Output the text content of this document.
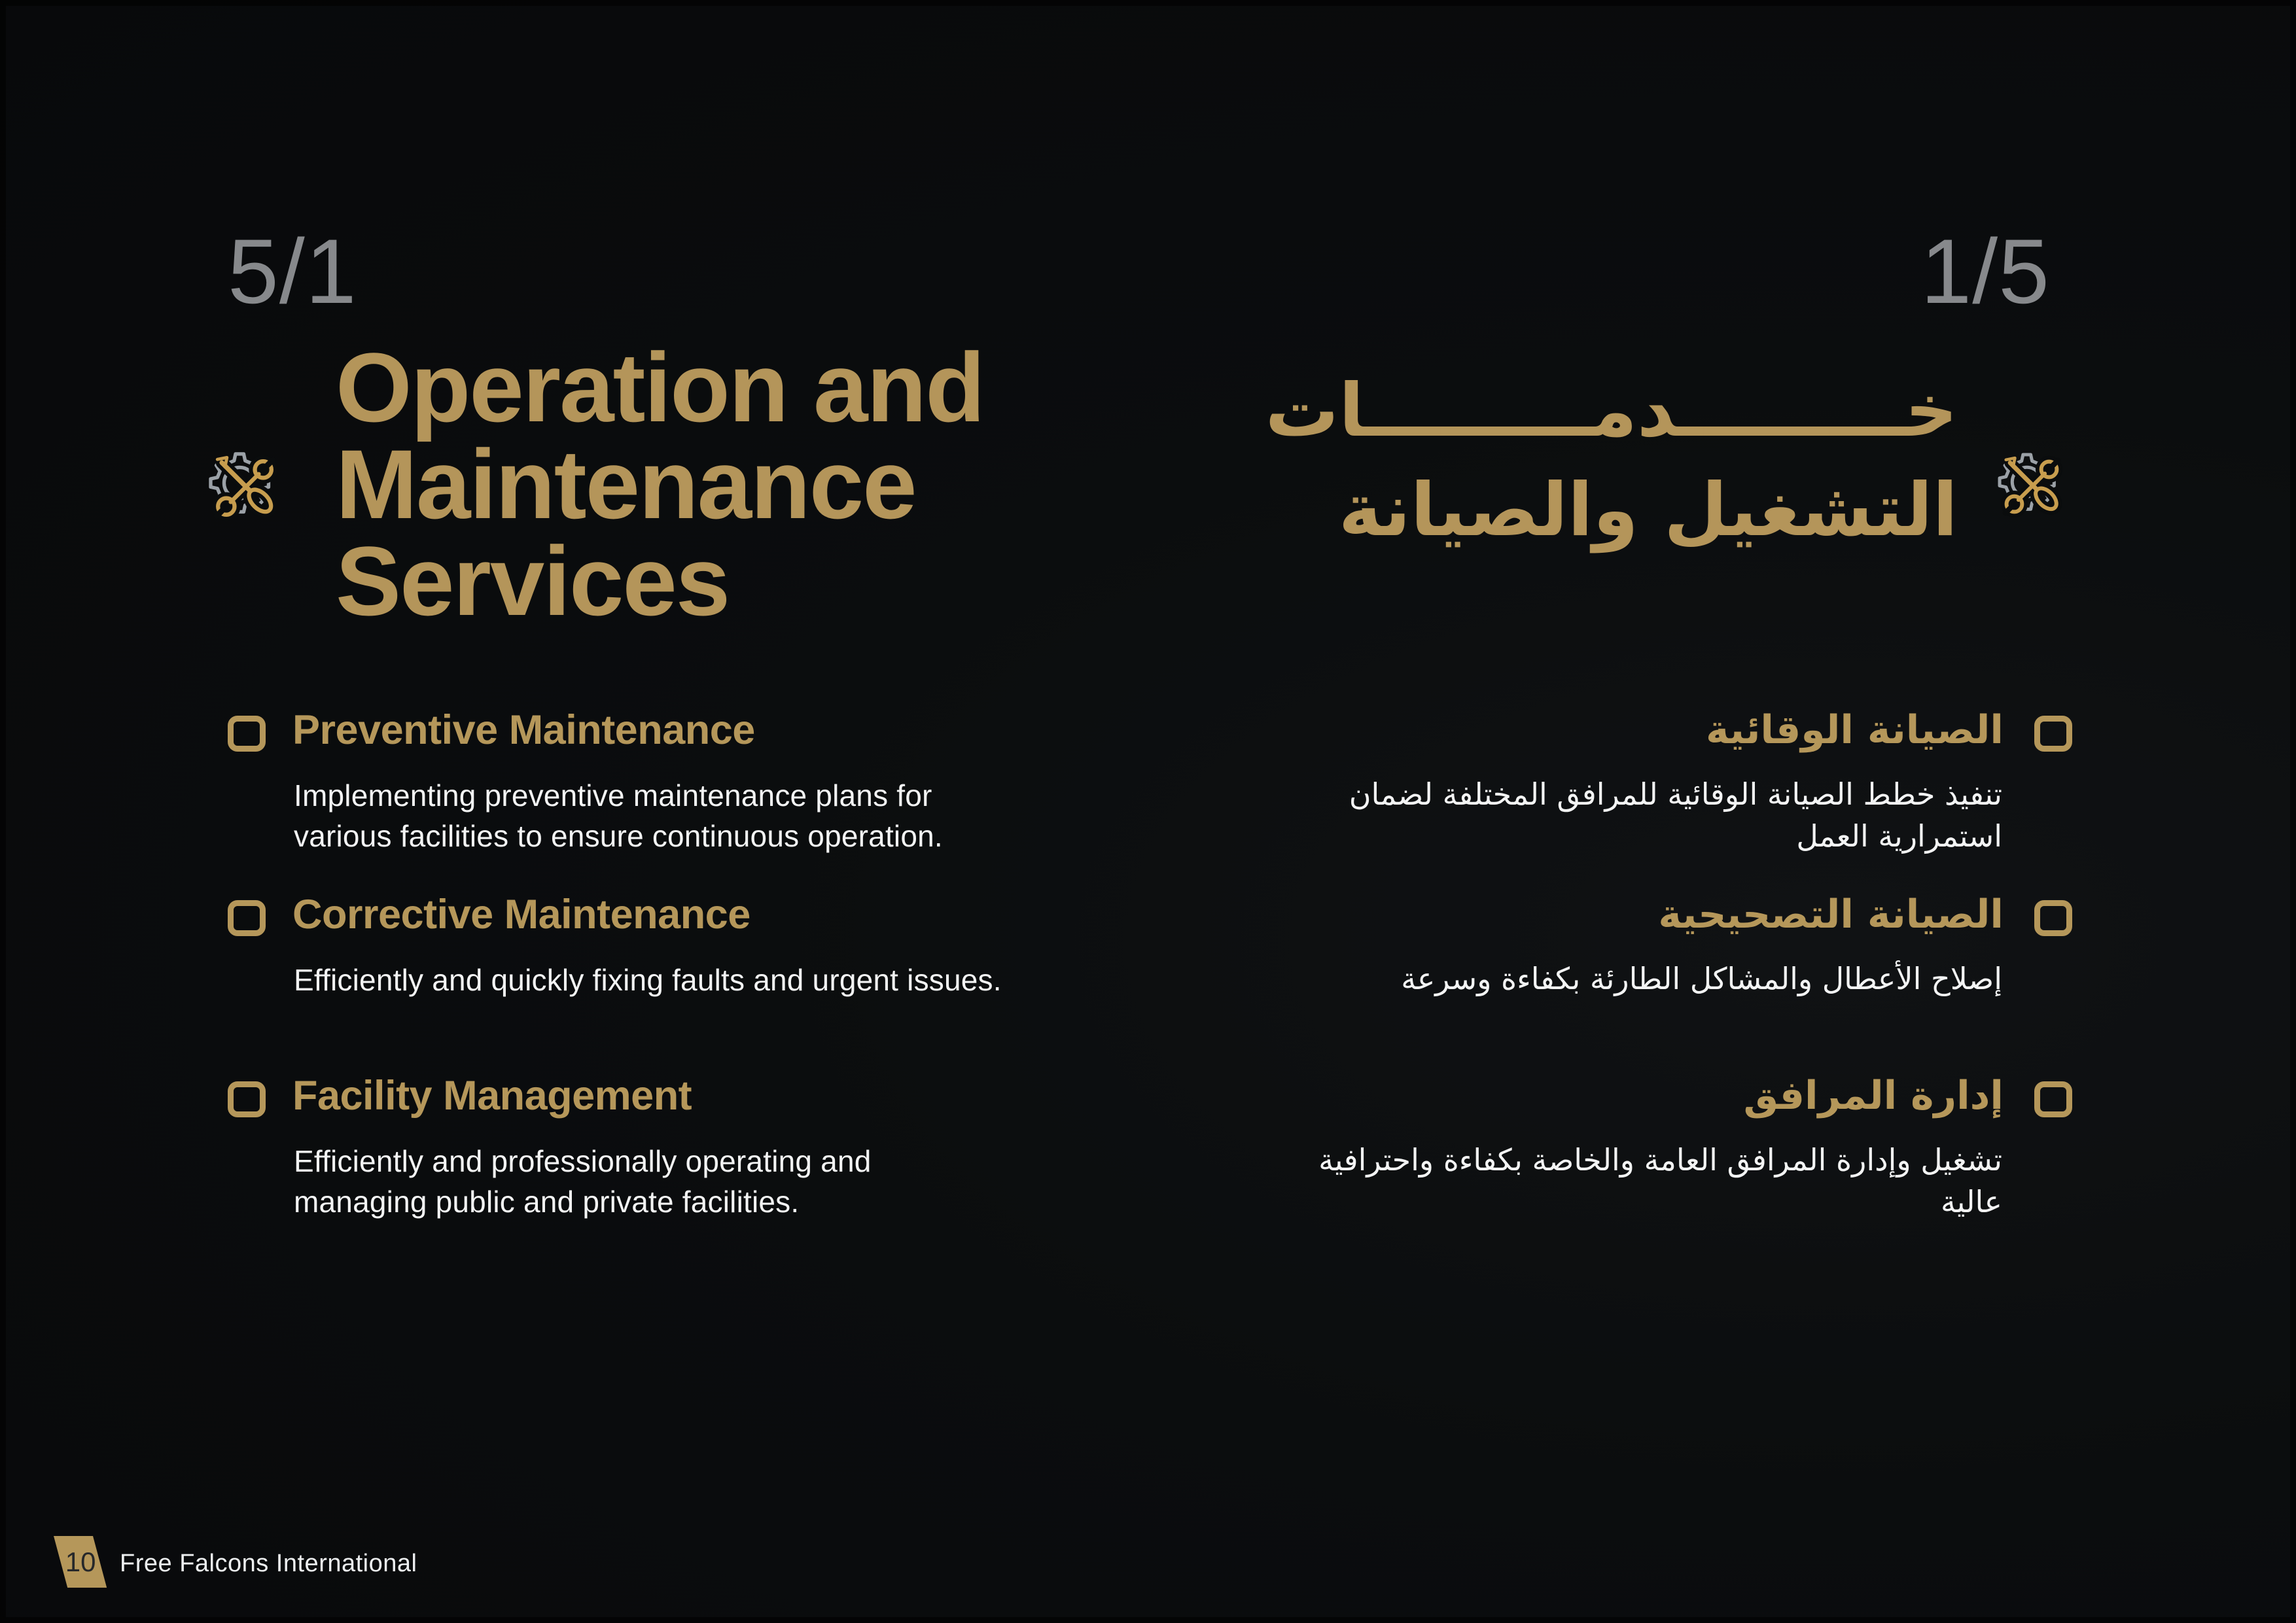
5/1	1/5
Operation and
Maintenance
Services
خـــــــــدمـــــــــات
التشغيل والصيانة
Preventive Maintenance
Implementing preventive maintenance plans for various facilities to ensure continuous operation.
Corrective Maintenance
Efficiently and quickly fixing faults and urgent issues.
Facility Management
Efficiently and professionally operating and managing public and private facilities.
الصيانة الوقائية
تنفيذ خطط الصيانة الوقائية للمرافق المختلفة لضمان استمرارية العمل
الصيانة التصحيحية
إصلاح الأعطال والمشاكل الطارئة بكفاءة وسرعة
إدارة المرافق
تشغيل وإدارة المرافق العامة والخاصة بكفاءة واحترافية عالية
10 Free Falcons International
